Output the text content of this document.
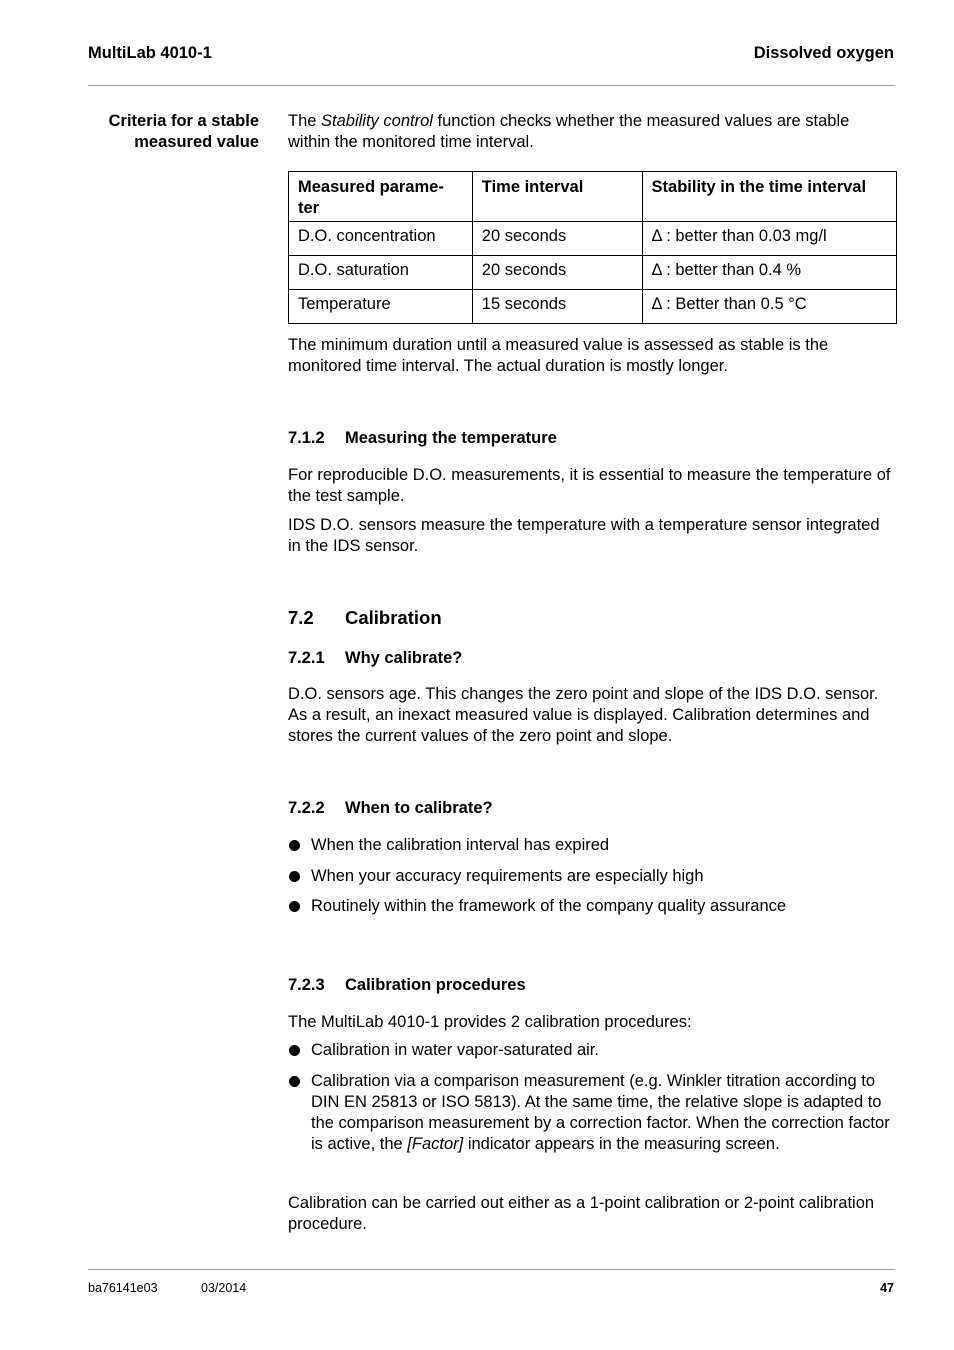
MultiLab 4010-1	Dissolved oxygen
Criteria for a stable
measured value

The Stability control function checks whether the measured values are stable within the monitored time interval.

Measured parame-ter	Time interval	Stability in the time interval
D.O. concentration	20 seconds	Δ : better than 0.03 mg/l
D.O. saturation	20 seconds	Δ : better than 0.4 %
Temperature	15 seconds	Δ : Better than 0.5 °C

The minimum duration until a measured value is assessed as stable is the monitored time interval. The actual duration is mostly longer.

7.1.2 Measuring the temperature

For reproducible D.O. measurements, it is essential to measure the temperature of the test sample.

IDS D.O. sensors measure the temperature with a temperature sensor integrated in the IDS sensor.

7.2 Calibration
7.2.1 Why calibrate?

D.O. sensors age. This changes the zero point and slope of the IDS D.O. sensor. As a result, an inexact measured value is displayed. Calibration determines and stores the current values of the zero point and slope.

7.2.2 When to calibrate?
When the calibration interval has expired
When your accuracy requirements are especially high
Routinely within the framework of the company quality assurance
7.2.3 Calibration procedures

The MultiLab 4010-1 provides 2 calibration procedures:

Calibration in water vapor-saturated air.
Calibration via a comparison measurement (e.g. Winkler titration according to DIN EN 25813 or ISO 5813). At the same time, the relative slope is adapted to the comparison measurement by a correction factor. When the correction factor is active, the [Factor] indicator appears in the measuring screen.

Calibration can be carried out either as a 1-point calibration or 2-point calibration procedure.

ba76141e03	03/2014	47
